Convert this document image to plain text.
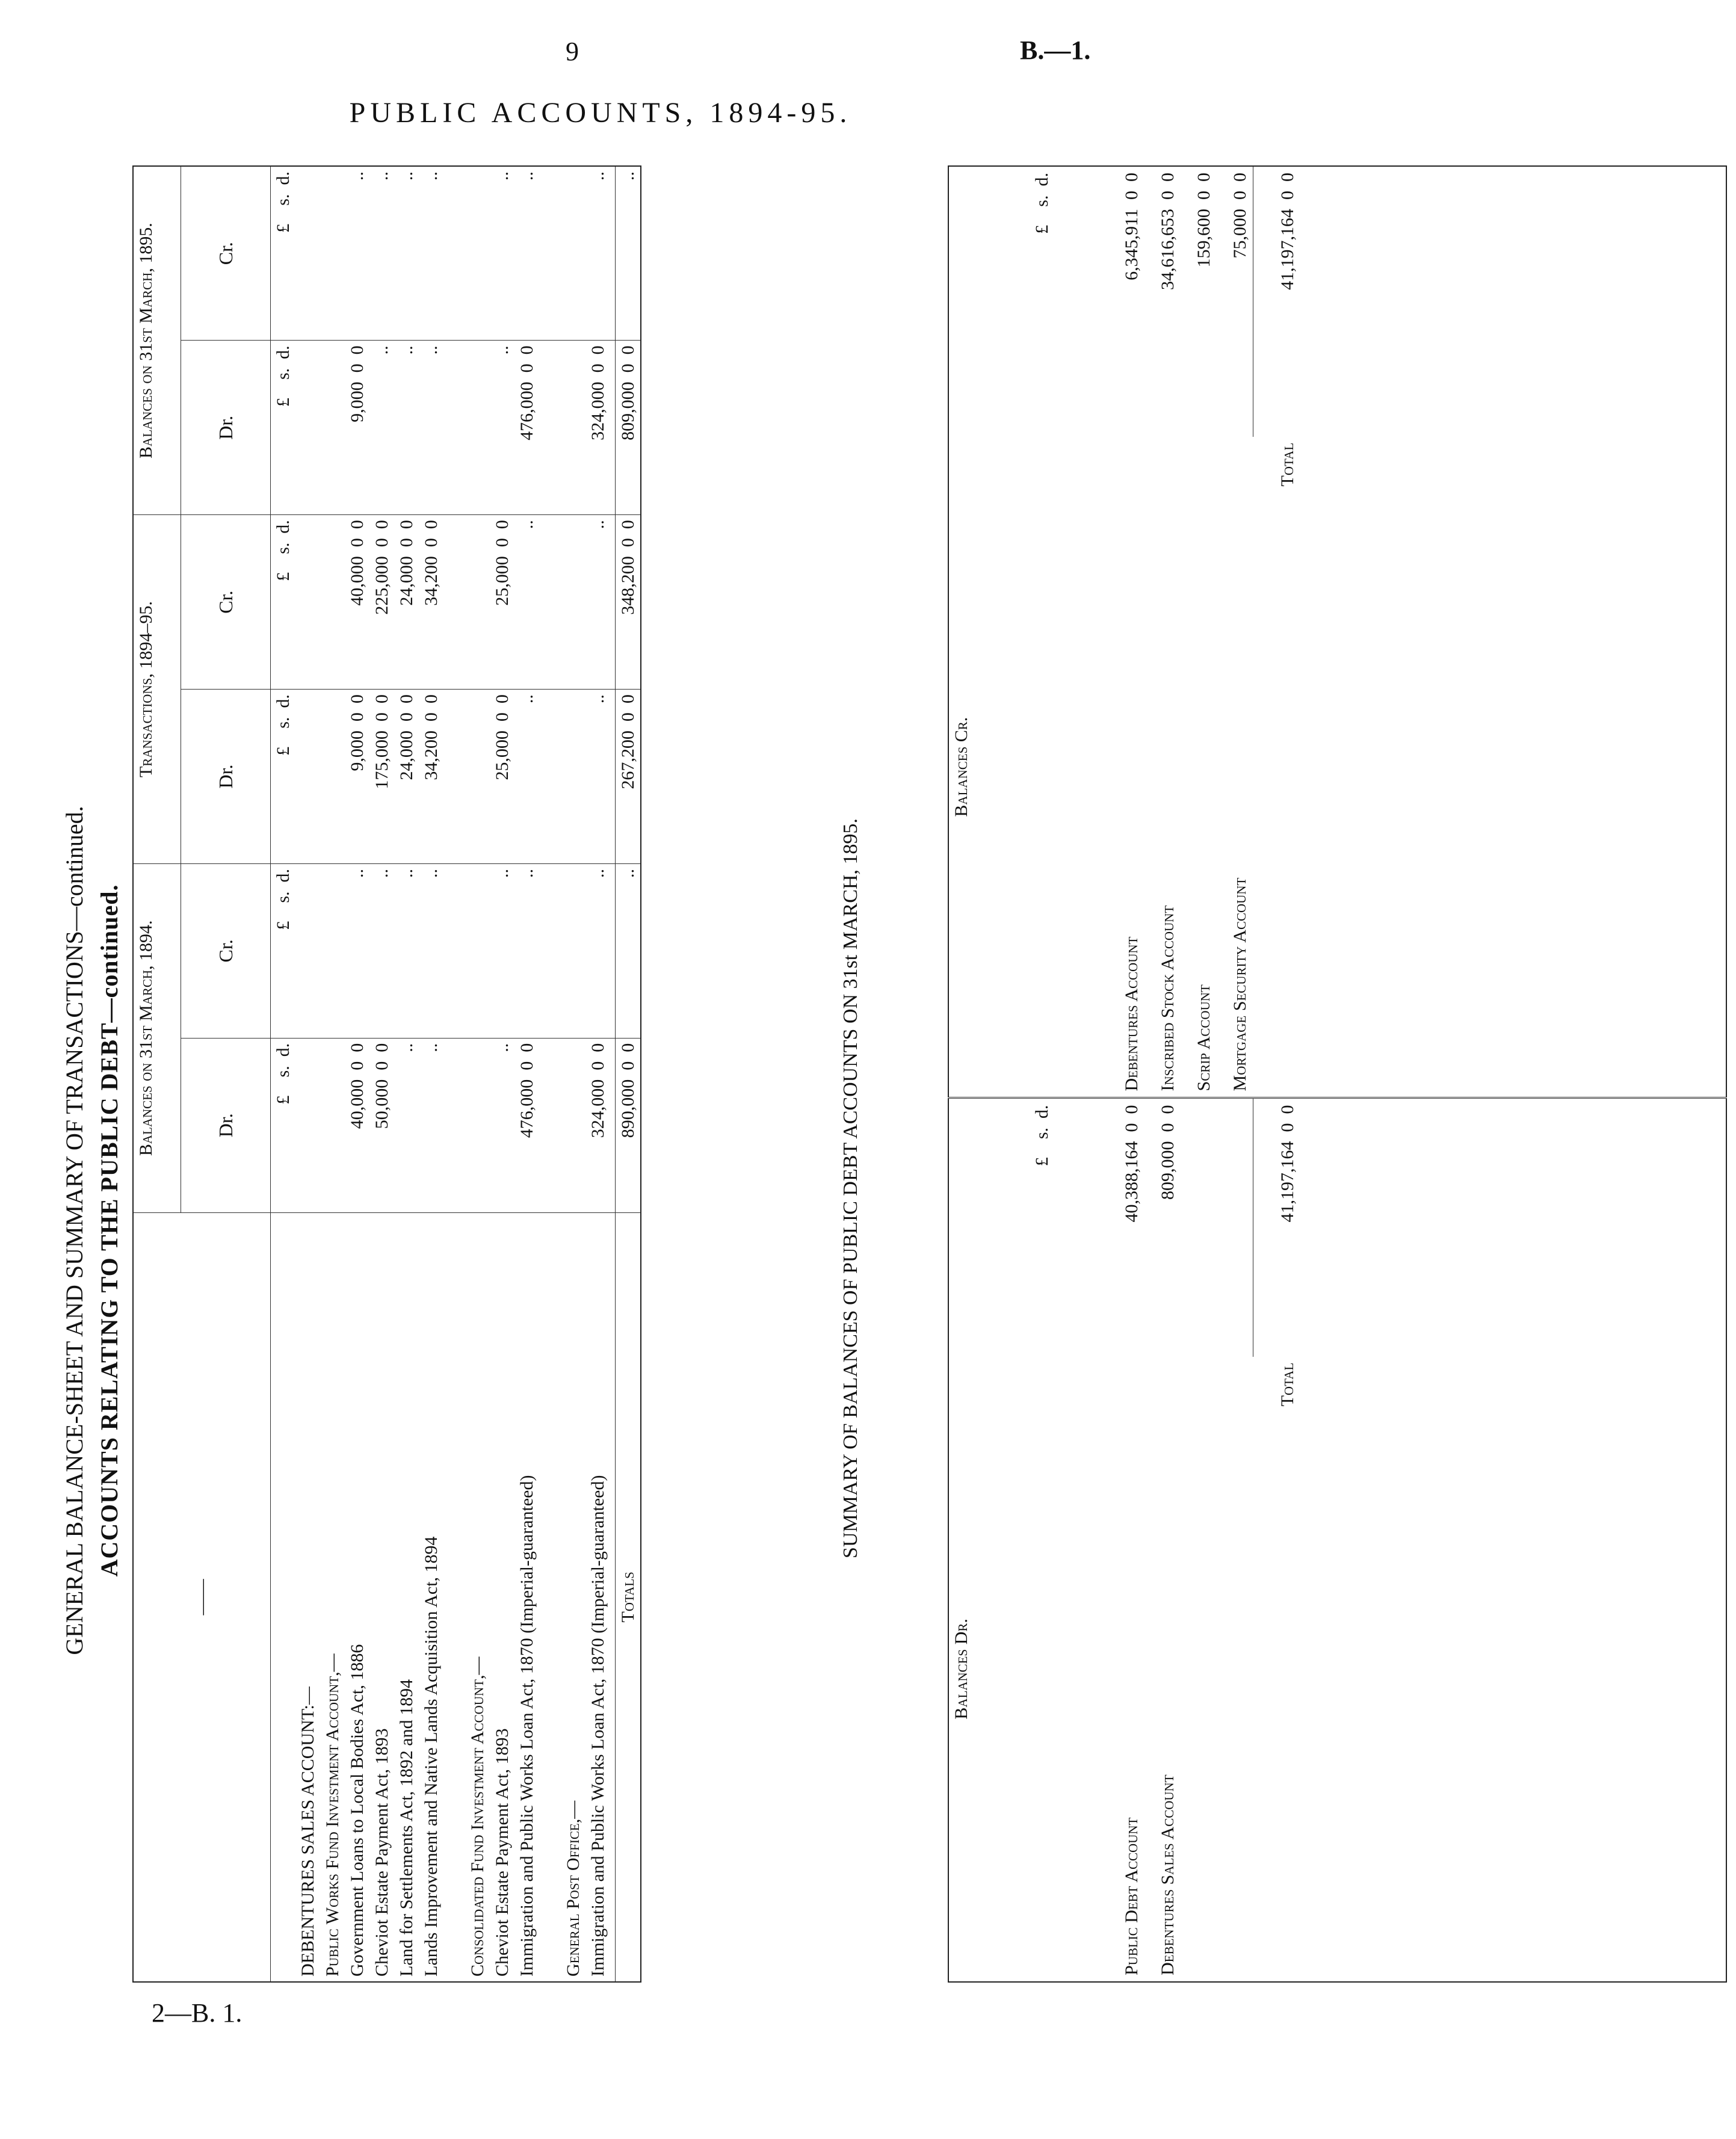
9	B.—1.
PUBLIC ACCOUNTS, 1894-95.
GENERAL BALANCE-SHEET AND SUMMARY OF TRANSACTIONS—continued. ACCOUNTS RELATING TO THE PUBLIC DEBT—continued.
——	Balances on 31st March, 1894.		Transactions, 1894–95.		Balances on 31st March, 1895.	
	Dr.	Cr.	Dr.	Cr.	Dr.	Cr.
	£    s.  d.	£    s.  d.	£    s.  d.	£    s.  d.	£    s.  d.	£    s.  d.
DEBENTURES SALES ACCOUNT:—						
Public Works Fund Investment Account,—						
Government Loans to Local Bodies Act, 1886	40,000  0  0	..	9,000  0  0	40,000  0  0	9,000  0  0	..
Cheviot Estate Payment Act, 1893	50,000  0  0	..	175,000  0  0	225,000  0  0	..	..
Land for Settlements Act, 1892 and 1894	..	..	24,000  0  0	24,000  0  0	..	..
Lands Improvement and Native Lands Acquisition Act, 1894	..	..	34,200  0  0	34,200  0  0	..	..
Consolidated Fund Investment Account,—						
Cheviot Estate Payment Act, 1893	..	..	25,000  0  0	25,000  0  0	..	..
Immigration and Public Works Loan Act, 1870 (Imperial-guaranteed)	476,000  0  0	..	..	..	476,000  0  0	..
General Post Office,—						
Immigration and Public Works Loan Act, 1870 (Imperial-guaranteed)	324,000  0  0	..	..	..	324,000  0  0	..

Totals	890,000  0  0	..	267,200  0  0	348,200  0  0	809,000  0  0	..
SUMMARY OF BALANCES OF PUBLIC DEBT ACCOUNTS ON 31st MARCH, 1895.
Balances Dr.		Balances Cr.	
	£    s.  d.		£    s.  d.
Public Debt Account	40,388,164  0  0	Debentures Account	6,345,911  0  0
Debentures Sales Account	809,000  0  0	Inscribed Stock Account	34,616,653  0  0
		Scrip Account	159,600  0  0
		Mortgage Security Account	75,000  0  0
Total	41,197,164  0  0	Total	41,197,164  0  0

2—B. 1.
